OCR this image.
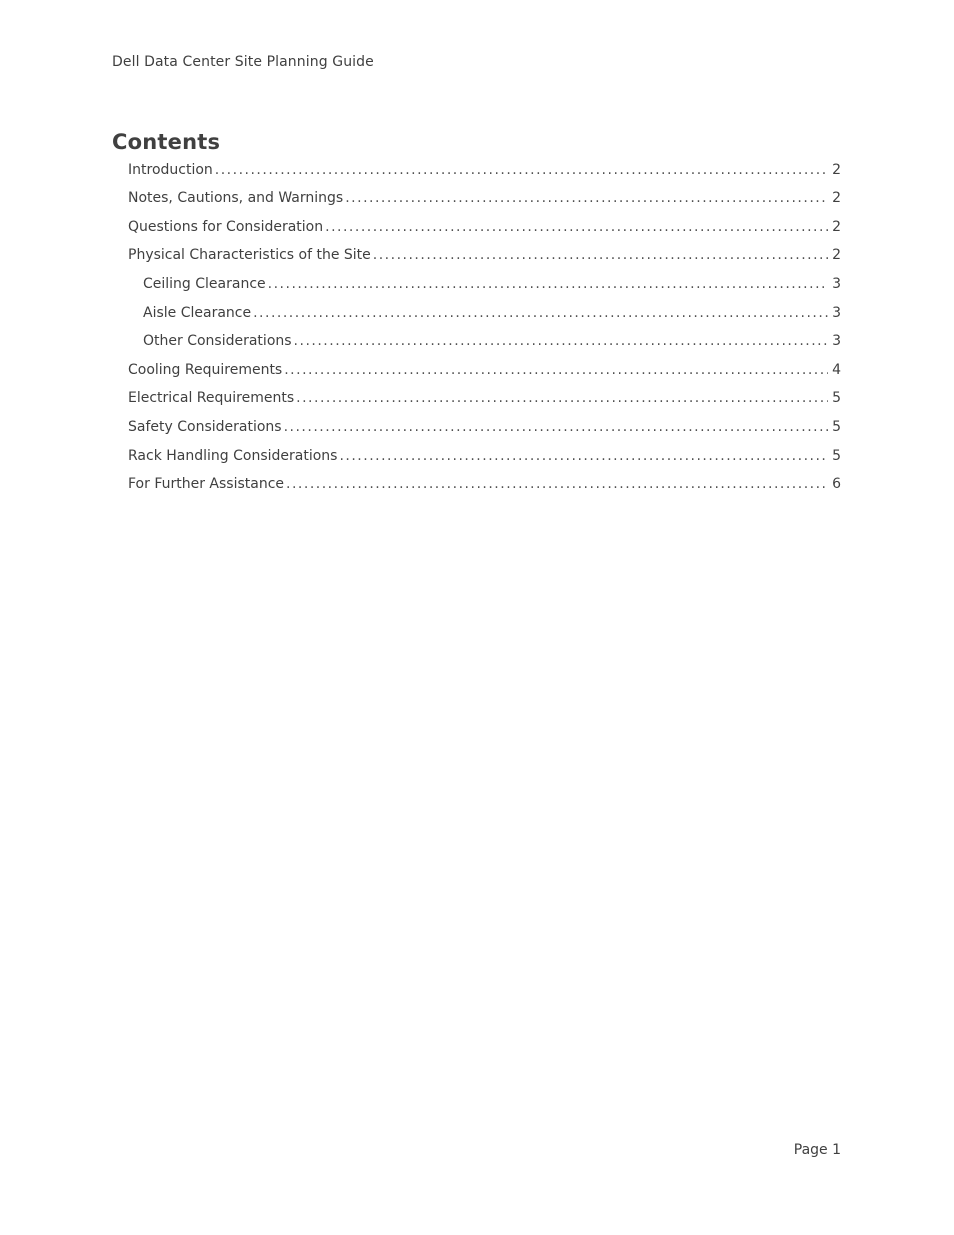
Dell Data Center Site Planning Guide
Contents
Introduction .....	2
Notes, Cautions, and Warnings .....	2
Questions for Consideration .....	2
Physical Characteristics of the Site .....	2
Ceiling Clearance .....	3
Aisle Clearance .....	3
Other Considerations .....	3
Cooling Requirements .....	4
Electrical Requirements .....	5
Safety Considerations .....	5
Rack Handling Considerations .....	5
For Further Assistance .....	6
Page 1
